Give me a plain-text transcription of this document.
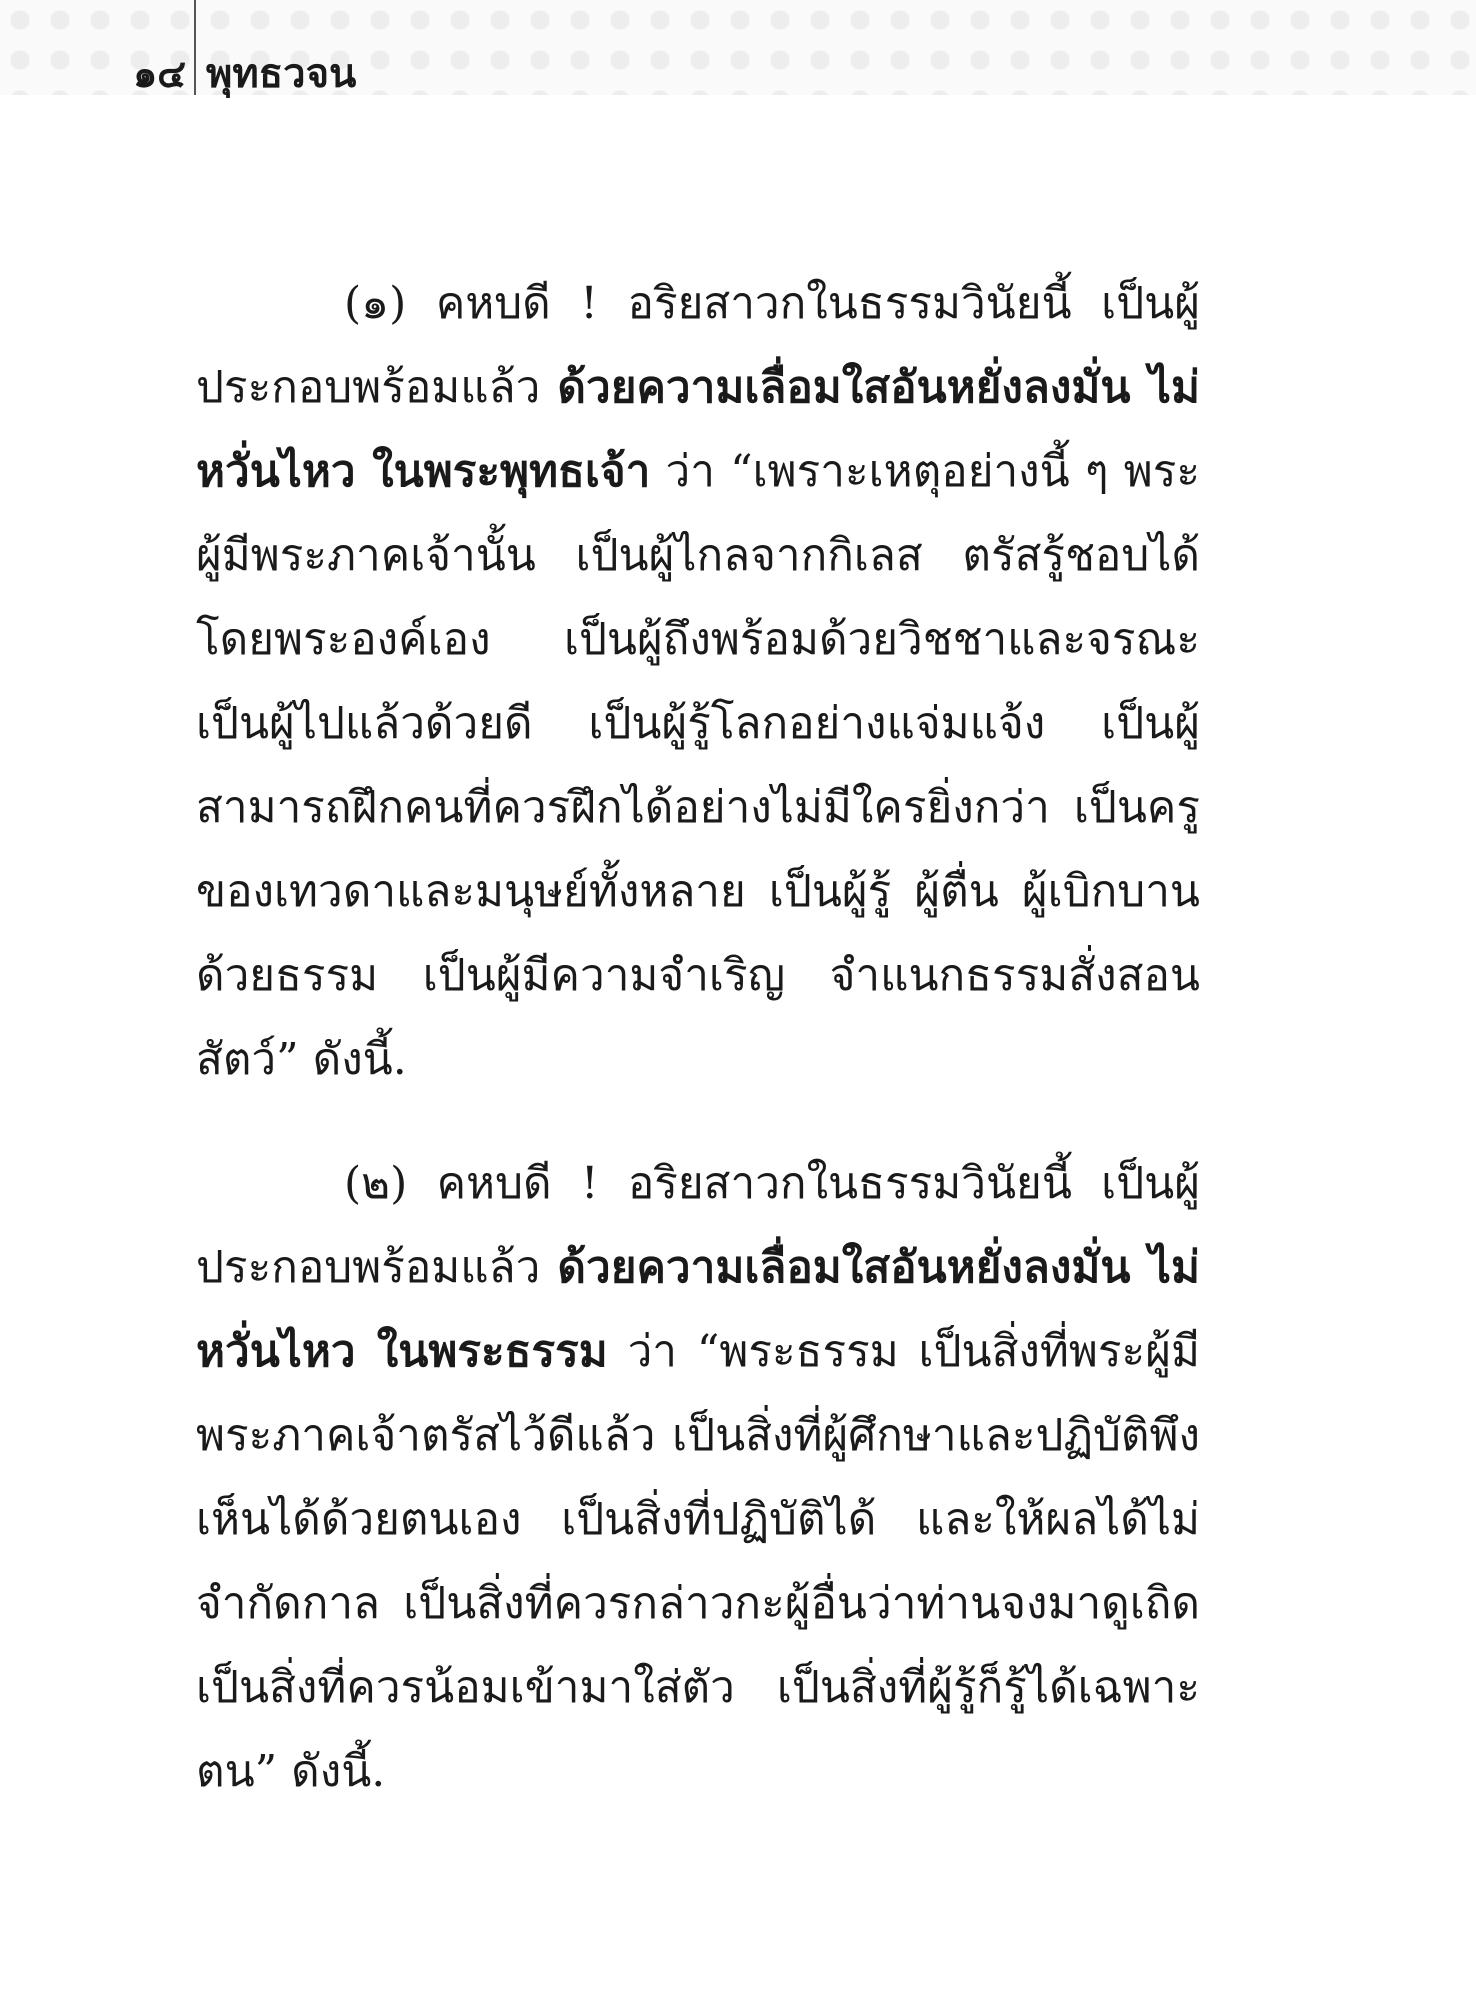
๑๔ พุทธวจน

(๑) คหบดี ! อริยสาวกในธรรมวินัยนี้ เป็นผู้ประกอบพร้อมแล้ว ด้วยความเลื่อมใสอันหยั่งลงมั่น ไม่หวั่นไหว ในพระพุทธเจ้า ว่า “เพราะเหตุอย่างนี้ ๆ พระผู้มีพระภาคเจ้านั้น เป็นผู้ไกลจากกิเลส ตรัสรู้ชอบได้โดยพระองค์เอง เป็นผู้ถึงพร้อมด้วยวิชชาและจรณะ เป็นผู้ไปแล้วด้วยดี เป็นผู้รู้โลกอย่างแจ่มแจ้ง เป็นผู้สามารถฝึกคนที่ควรฝึกได้อย่างไม่มีใครยิ่งกว่า เป็นครูของเทวดาและมนุษย์ทั้งหลาย เป็นผู้รู้ ผู้ตื่น ผู้เบิกบาน ด้วยธรรม เป็นผู้มีความจำเริญ จำแนกธรรมสั่งสอนสัตว์” ดังนี้.

(๒) คหบดี ! อริยสาวกในธรรมวินัยนี้ เป็นผู้ประกอบพร้อมแล้ว ด้วยความเลื่อมใสอันหยั่งลงมั่น ไม่หวั่นไหว ในพระธรรม ว่า “พระธรรม เป็นสิ่งที่พระผู้มีพระภาคเจ้าตรัสไว้ดีแล้ว เป็นสิ่งที่ผู้ศึกษาและปฏิบัติพึงเห็นได้ด้วยตนเอง เป็นสิ่งที่ปฏิบัติได้ และให้ผลได้ไม่จำกัดกาล เป็นสิ่งที่ควรกล่าวกะผู้อื่นว่าท่านจงมาดูเถิด เป็นสิ่งที่ควรน้อมเข้ามาใส่ตัว เป็นสิ่งที่ผู้รู้ก็รู้ได้เฉพาะตน” ดังนี้.
